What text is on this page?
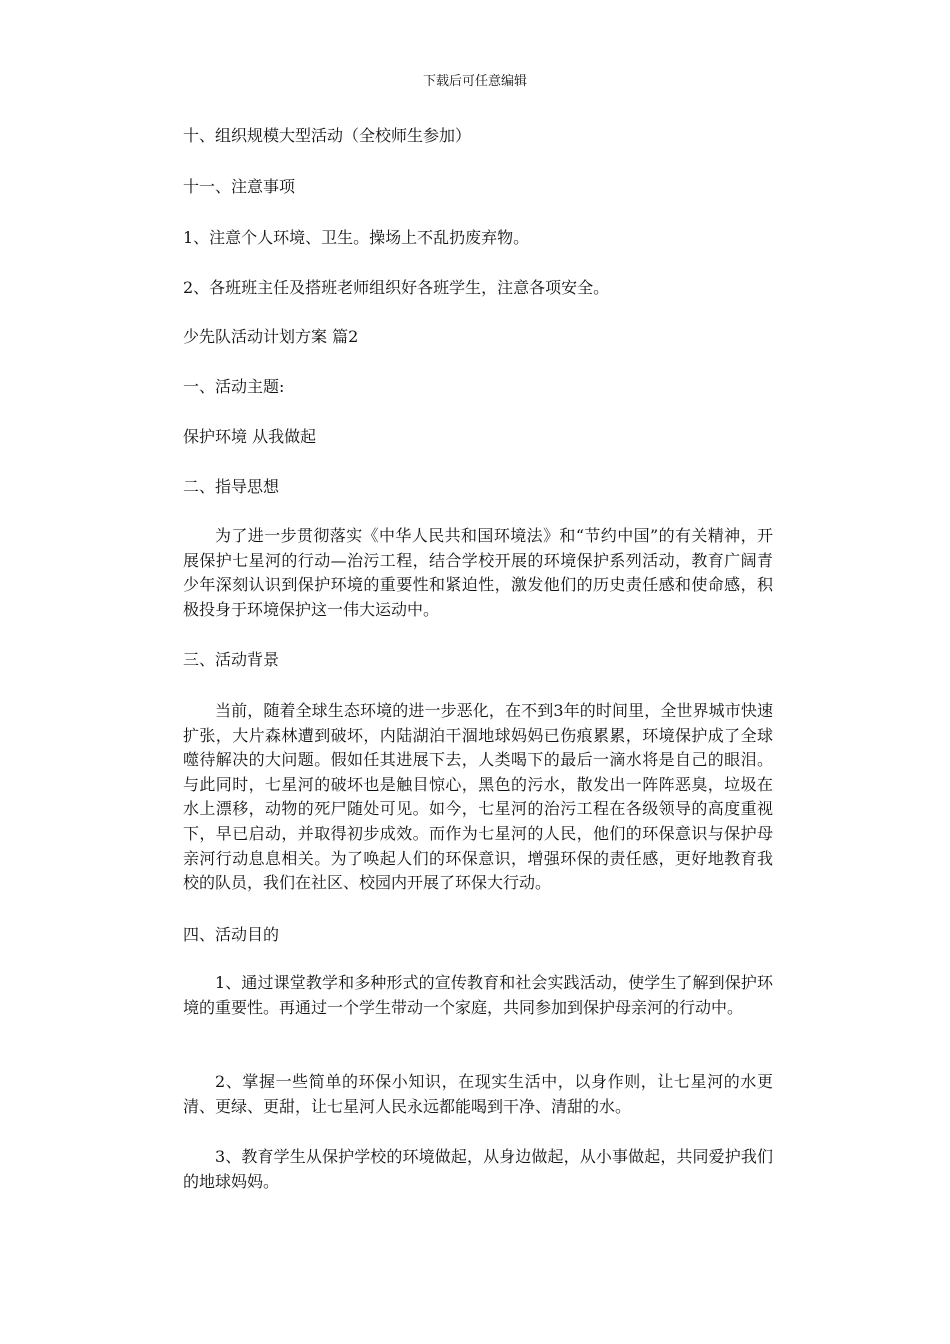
下载后可任意编辑
十、组织规模大型活动（全校师生参加）
十一、注意事项
1、注意个人环境、卫生。操场上不乱扔废弃物。
2、各班班主任及搭班老师组织好各班学生，注意各项安全。
少先队活动计划方案 篇2
一、活动主题:
保护环境 从我做起
二、指导思想
为了进一步贯彻落实《中华人民共和国环境法》和“节约中国”的有关精神，开展保护七星河的行动—治污工程，结合学校开展的环境保护系列活动，教育广阔青少年深刻认识到保护环境的重要性和紧迫性，激发他们的历史责任感和使命感，积极投身于环境保护这一伟大运动中。
三、活动背景
当前，随着全球生态环境的进一步恶化，在不到3年的时间里，全世界城市快速扩张，大片森林遭到破坏，内陆湖泊干涸地球妈妈已伤痕累累，环境保护成了全球噬待解决的大问题。假如任其进展下去，人类喝下的最后一滴水将是自己的眼泪。与此同时，七星河的破坏也是触目惊心，黑色的污水，散发出一阵阵恶臭，垃圾在水上漂移，动物的死尸随处可见。如今，七星河的治污工程在各级领导的高度重视下，早已启动，并取得初步成效。而作为七星河的人民，他们的环保意识与保护母亲河行动息息相关。为了唤起人们的环保意识，增强环保的责任感，更好地教育我校的队员，我们在社区、校园内开展了环保大行动。
四、活动目的
1、通过课堂教学和多种形式的宣传教育和社会实践活动，使学生了解到保护环境的重要性。再通过一个学生带动一个家庭，共同参加到保护母亲河的行动中。
2、掌握一些简单的环保小知识，在现实生活中，以身作则，让七星河的水更清、更绿、更甜，让七星河人民永远都能喝到干净、清甜的水。
3、教育学生从保护学校的环境做起，从身边做起，从小事做起，共同爱护我们的地球妈妈。
